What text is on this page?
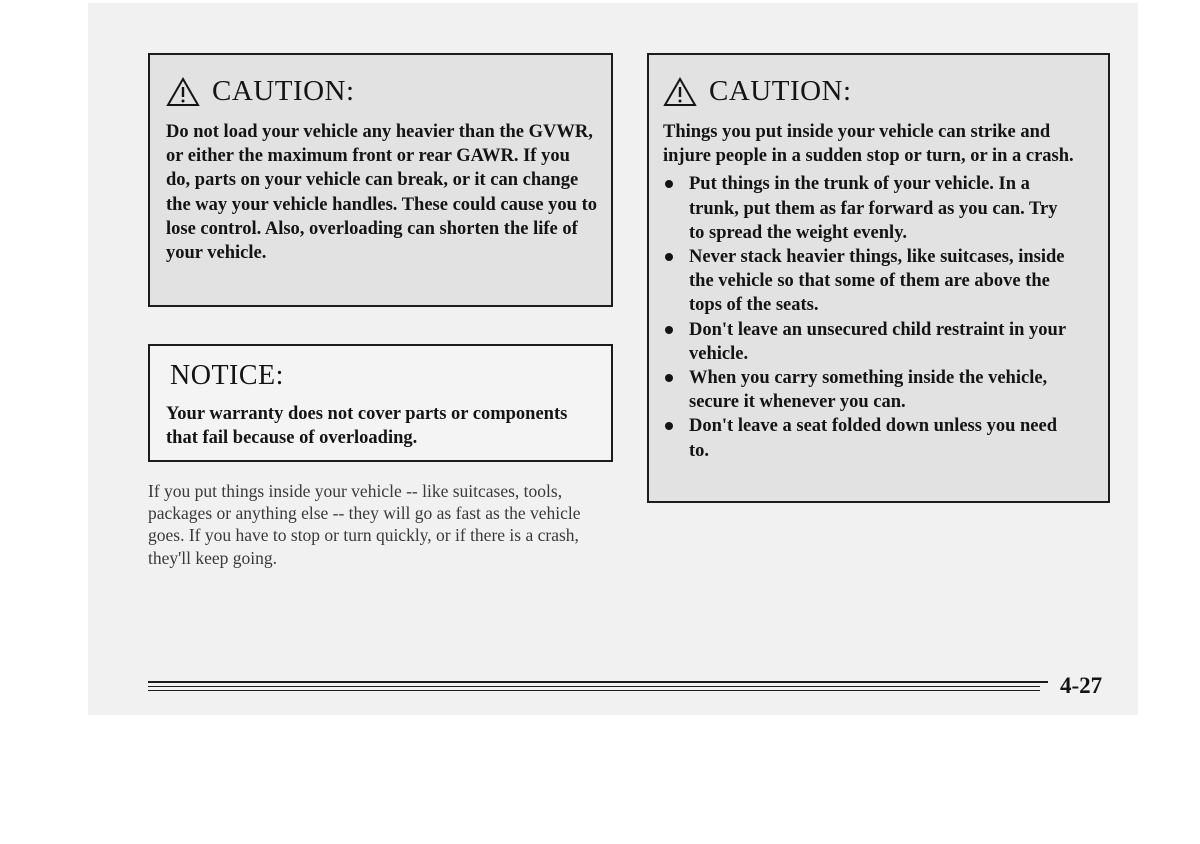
CAUTION:

Do not load your vehicle any heavier than the GVWR, or either the maximum front or rear GAWR. If you do, parts on your vehicle can break, or it can change the way your vehicle handles. These could cause you to lose control. Also, overloading can shorten the life of your vehicle.

NOTICE:

Your warranty does not cover parts or components that fail because of overloading.

If you put things inside your vehicle -- like suitcases, tools, packages or anything else -- they will go as fast as the vehicle goes. If you have to stop or turn quickly, or if there is a crash, they'll keep going.

CAUTION:

Things you put inside your vehicle can strike and injure people in a sudden stop or turn, or in a crash.

Put things in the trunk of your vehicle. In a trunk, put them as far forward as you can. Try to spread the weight evenly.
Never stack heavier things, like suitcases, inside the vehicle so that some of them are above the tops of the seats.
Don't leave an unsecured child restraint in your vehicle.
When you carry something inside the vehicle, secure it whenever you can.
Don't leave a seat folded down unless you need to.
4-27
